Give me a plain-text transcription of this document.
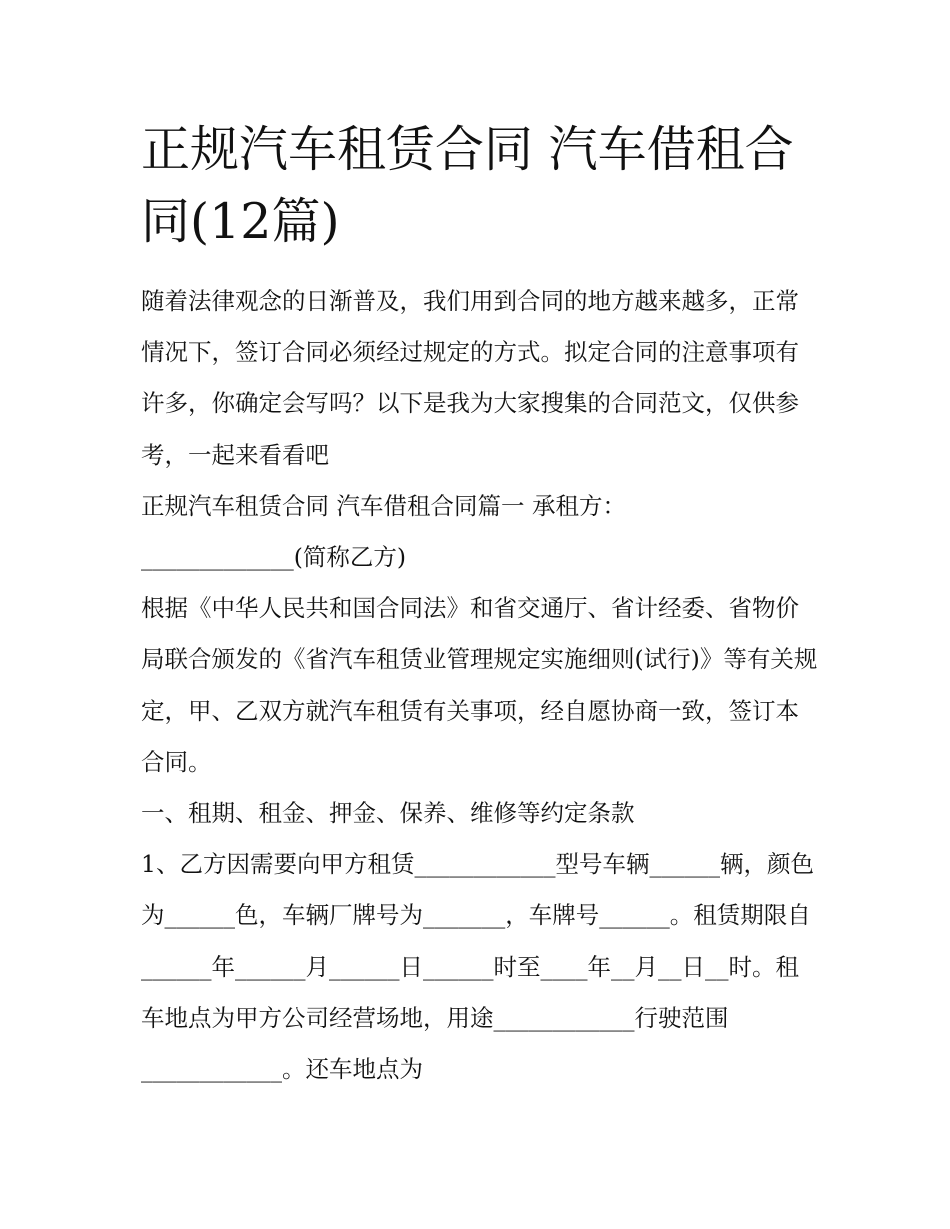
正规汽车租赁合同 汽车借租合同(12篇)

随着法律观念的日渐普及，我们用到合同的地方越来越多，正常情况下，签订合同必须经过规定的方式。拟定合同的注意事项有许多，你确定会写吗？以下是我为大家搜集的合同范文，仅供参考，一起来看看吧

正规汽车租赁合同 汽车借租合同篇一 承租方：

_____________(简称乙方)

根据《中华人民共和国合同法》和省交通厅、省计经委、省物价局联合颁发的《省汽车租赁业管理规定实施细则(试行)》等有关规定，甲、乙双方就汽车租赁有关事项，经自愿协商一致，签订本合同。

一、租期、租金、押金、保养、维修等约定条款

1、乙方因需要向甲方租赁____________型号车辆______辆，颜色为______色，车辆厂牌号为_______，车牌号______。租赁期限自______年______月______日______时至____年__月__日__时。租车地点为甲方公司经营场地，用途____________行驶范围____________。还车地点为
